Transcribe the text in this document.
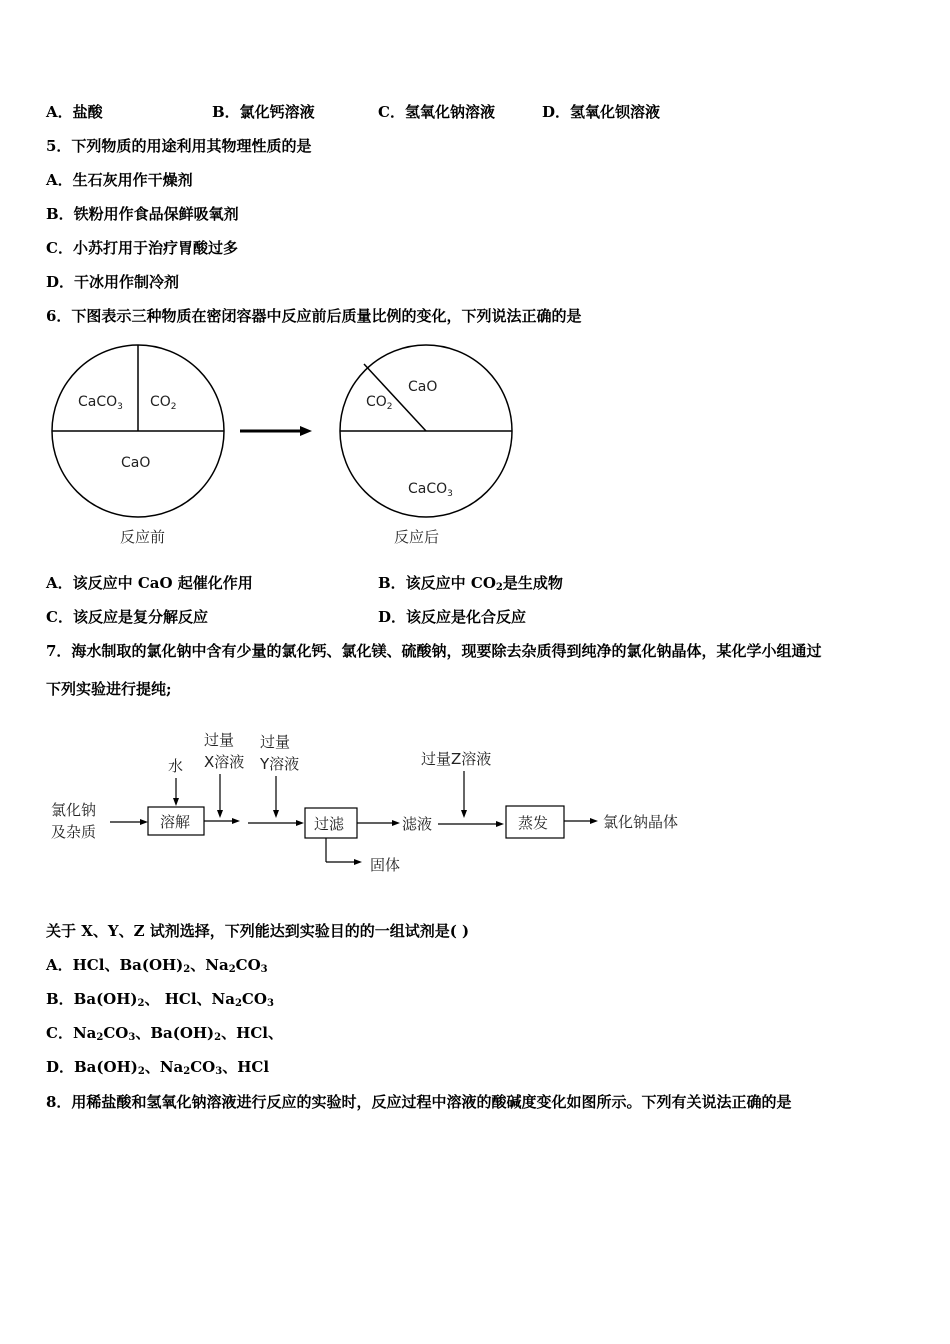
A．盐酸	B．氯化钙溶液	C．氢氧化钠溶液	D．氢氧化钡溶液
5．下列物质的用途利用其物理性质的是
A．生石灰用作干燥剂
B．铁粉用作食品保鲜吸氧剂
C．小苏打用于治疗胃酸过多
D．干冰用作制冷剂
6．下图表示三种物质在密闭容器中反应前后质量比例的变化，下列说法正确的是
CaCO$_3$ $CO_2$
CaO
反应前
$CO_2$
CaO
CaCO$_3$
反应后
氯化钠
及杂质
水
溶解
过量
X溶液
过量
Y溶液
过滤
固体
滤液
过量Z溶液
蒸发	氯化钠晶体
A．该反应中 CaO 起催化作用	B．该反应中 $CO_2$是生成物
C．该反应是复分解反应	D．该反应是化合反应
7．海水制取的氯化钠中含有少量的氯化钙、氯化镁、硫酸钠，现要除去杂质得到纯净的氯化钠晶体，某化学小组通过
下列实验进行提纯;
关于 X、Y、Z 试剂选择，下列能达到实验目的的一组试剂是( )
A．HCl、$Ba(OH)_2$、$Na_2CO_3$
B．$Ba(OH)_2$、 HCl、$Na_2CO_3$
C．$Na_2CO_3$、$Ba(OH)_2$、HCl、
D．$Ba(OH)_2$、$Na_2CO_3$、HCl
8．用稀盐酸和氢氧化钠溶液进行反应的实验时，反应过程中溶液的酸碱度变化如图所示。下列有关说法正确的是
